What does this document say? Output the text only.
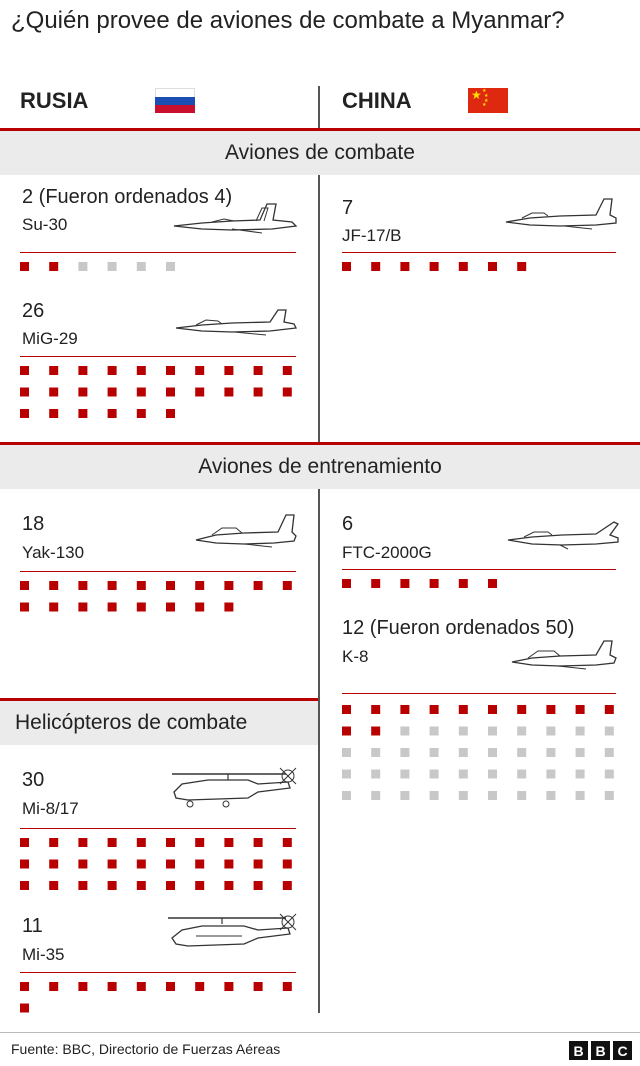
¿Quién provee de aviones de combate a Myanmar?
RUSIA	CHINA	★ ★
★
★
★
Aviones de combate
Aviones de entrenamiento
Helicópteros de combate
2 (Fueron ordenados 4)
Su-30
26
MiG-29
7
JF-17/B
18
Yak-130
6
FTC-2000G
12 (Fueron ordenados 50)
K-8
30
Mi-8/17
11
Mi-35
Fuente: BBC, Directorio de Fuerzas Aéreas	B B C
